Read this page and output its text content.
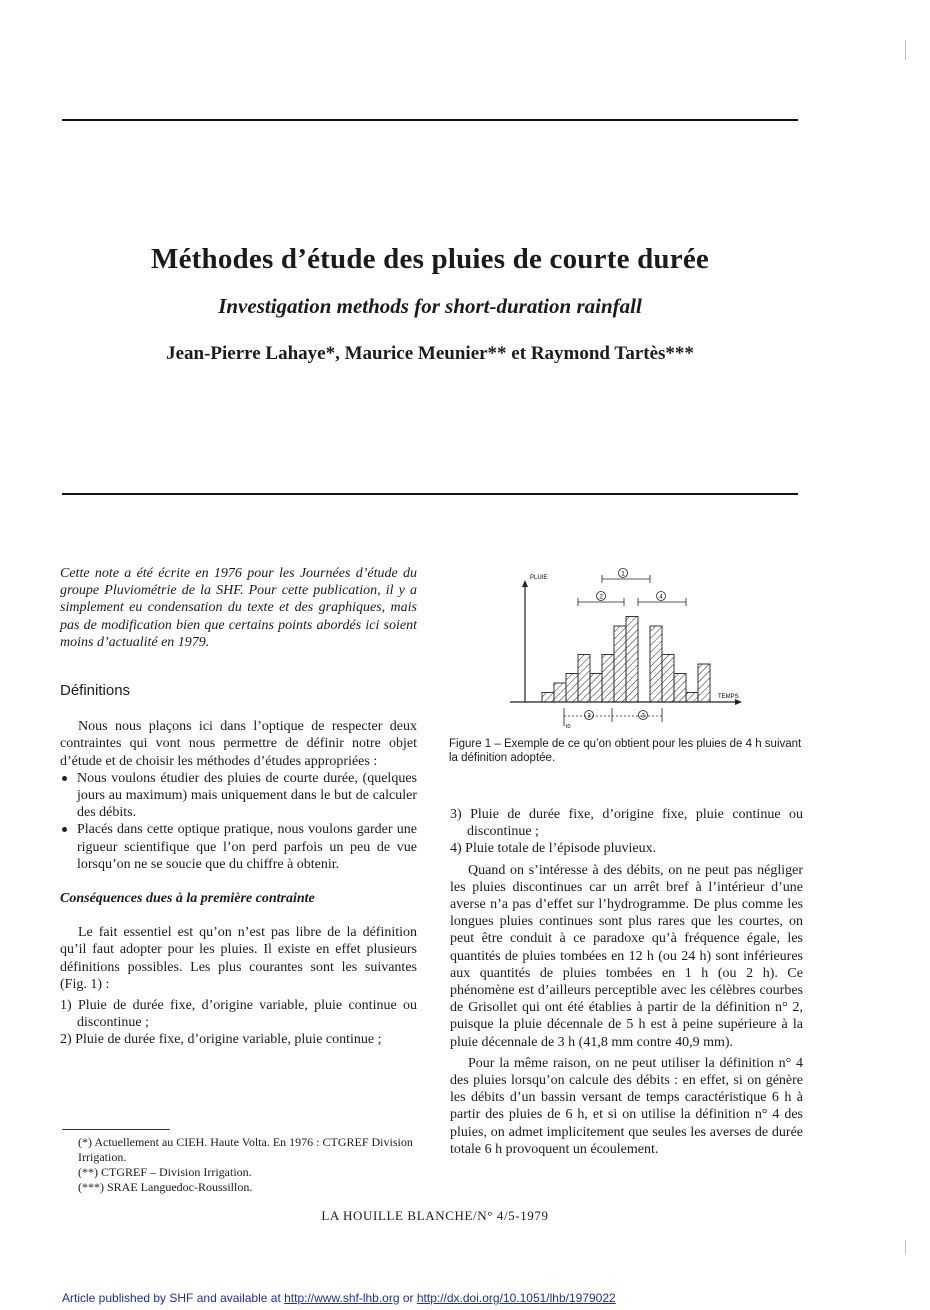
Méthodes d’étude des pluies de courte durée
Investigation methods for short-duration rainfall
Jean-Pierre Lahaye*, Maurice Meunier** et Raymond Tartès***

Cette note a été écrite en 1976 pour les Journées d’étude du groupe Pluviométrie de la SHF. Pour cette publication, il y a simplement eu condensation du texte et des graphiques, mais pas de modification bien que certains points abordés ici soient moins d’actualité en 1979.

Définitions

Nous nous plaçons ici dans l’optique de respecter deux contraintes qui vont nous permettre de définir notre objet d’étude et de choisir les méthodes d’études appropriées :

Nous voulons étudier des pluies de courte durée, (quelques jours au maximum) mais uniquement dans le but de calculer des débits.
Placés dans cette optique pratique, nous voulons garder une rigueur scientifique que l’on perd parfois un peu de vue lorsqu’on ne se soucie que du chiffre à obtenir.
Conséquences dues à la première contrainte

Le fait essentiel est qu’on n’est pas libre de la définition qu’il faut adopter pour les pluies. Il existe en effet plusieurs définitions possibles. Les plus courantes sont les suivantes (Fig. 1) :

1) Pluie de durée fixe, d’origine variable, pluie continue ou discontinue ;
2) Pluie de durée fixe, d’origine variable, pluie continue ;
PLUIE
TEMPS
1
2	4
3	3
t0
Figure 1 – Exemple de ce qu’on obtient pour les pluies de 4 h suivant la définition adoptée.
3) Pluie de durée fixe, d’origine fixe, pluie continue ou discontinue ;
4) Pluie totale de l’épisode pluvieux.

Quand on s’intéresse à des débits, on ne peut pas négliger les pluies discontinues car un arrêt bref à l’intérieur d’une averse n’a pas d’effet sur l’hydrogramme. De plus comme les longues pluies continues sont plus rares que les courtes, on peut être conduit à ce paradoxe qu’à fréquence égale, les quantités de pluies tombées en 12 h (ou 24 h) sont inférieures aux quantités de pluies tombées en 1 h (ou 2 h). Ce phénomène est d’ailleurs perceptible avec les célèbres courbes de Grisollet qui ont été établies à partir de la définition n° 2, puisque la pluie décennale de 5 h est à peine supérieure à la pluie décennale de 3 h (41,8 mm contre 40,9 mm).

Pour la même raison, on ne peut utiliser la définition n° 4 des pluies lorsqu’on calcule des débits : en effet, si on génère les débits d’un bassin versant de temps caractéristique 6 h à partir des pluies de 6 h, et si on utilise la définition n° 4 des pluies, on admet implicitement que seules les averses de durée totale 6 h provoquent un écoulement.

(*) Actuellement au CIEH. Haute Volta. En 1976 : CTGREF Division Irrigation.
(**) CTGREF – Division Irrigation.
(***) SRAE Languedoc-Roussillon.
LA HOUILLE BLANCHE/N° 4/5-1979
Article published by SHF and available at http://www.shf-lhb.org or http://dx.doi.org/10.1051/lhb/1979022
